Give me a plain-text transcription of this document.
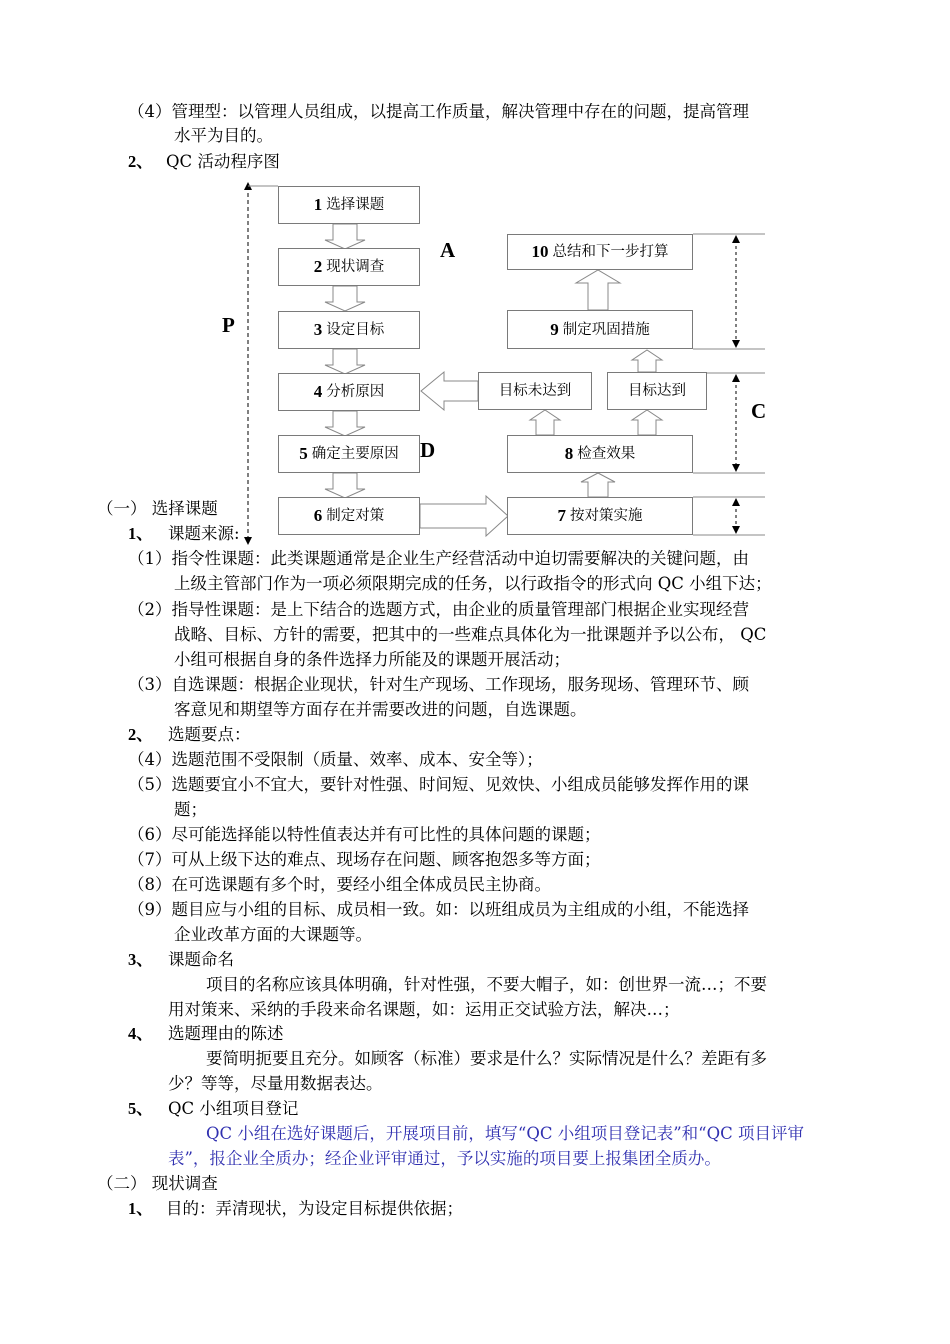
（4）管理型：以管理人员组成，以提高工作质量，解决管理中存在的问题，提高管理
水平为目的。
2、 QC 活动程序图
1 选择课题
2 现状调查
3 设定目标
4 分析原因
5 确定主要原因
6 制定对策	7 按对策实施
8 检查效果
目标未达到	目标达到
9 制定巩固措施
10 总结和下一步打算
P
A
D
C
（一） 选择课题
1、 课题来源:
（1）指令性课题：此类课题通常是企业生产经营活动中迫切需要解决的关键问题，由
上级主管部门作为一项必须限期完成的任务，以行政指令的形式向 QC 小组下达；
（2）指导性课题：是上下结合的选题方式，由企业的质量管理部门根据企业实现经营
战略、目标、方针的需要，把其中的一些难点具体化为一批课题并予以公布， QC
小组可根据自身的条件选择力所能及的课题开展活动；
（3）自选课题：根据企业现状，针对生产现场、工作现场，服务现场、管理环节、顾
客意见和期望等方面存在并需要改进的问题，自选课题。
2、 选题要点：
（4）选题范围不受限制（质量、效率、成本、安全等）；
（5）选题要宜小不宜大，要针对性强、时间短、见效快、小组成员能够发挥作用的课
题；
（6）尽可能选择能以特性值表达并有可比性的具体问题的课题；
（7）可从上级下达的难点、现场存在问题、顾客抱怨多等方面；
（8）在可选课题有多个时，要经小组全体成员民主协商。
（9）题目应与小组的目标、成员相一致。如：以班组成员为主组成的小组，不能选择
企业改革方面的大课题等。
3、 课题命名
项目的名称应该具体明确，针对性强，不要大帽子，如：创世界一流…；不要
用对策来、采纳的手段来命名课题，如：运用正交试验方法，解决…；
4、 选题理由的陈述
要简明扼要且充分。如顾客（标准）要求是什么？实际情况是什么？差距有多
少？等等，尽量用数据表达。
5、 QC 小组项目登记
QC 小组在选好课题后，开展项目前，填写“QC 小组项目登记表”和“QC 项目评审
表”，报企业全质办；经企业评审通过，予以实施的项目要上报集团全质办。
（二） 现状调查
1、 目的：弄清现状，为设定目标提供依据；
